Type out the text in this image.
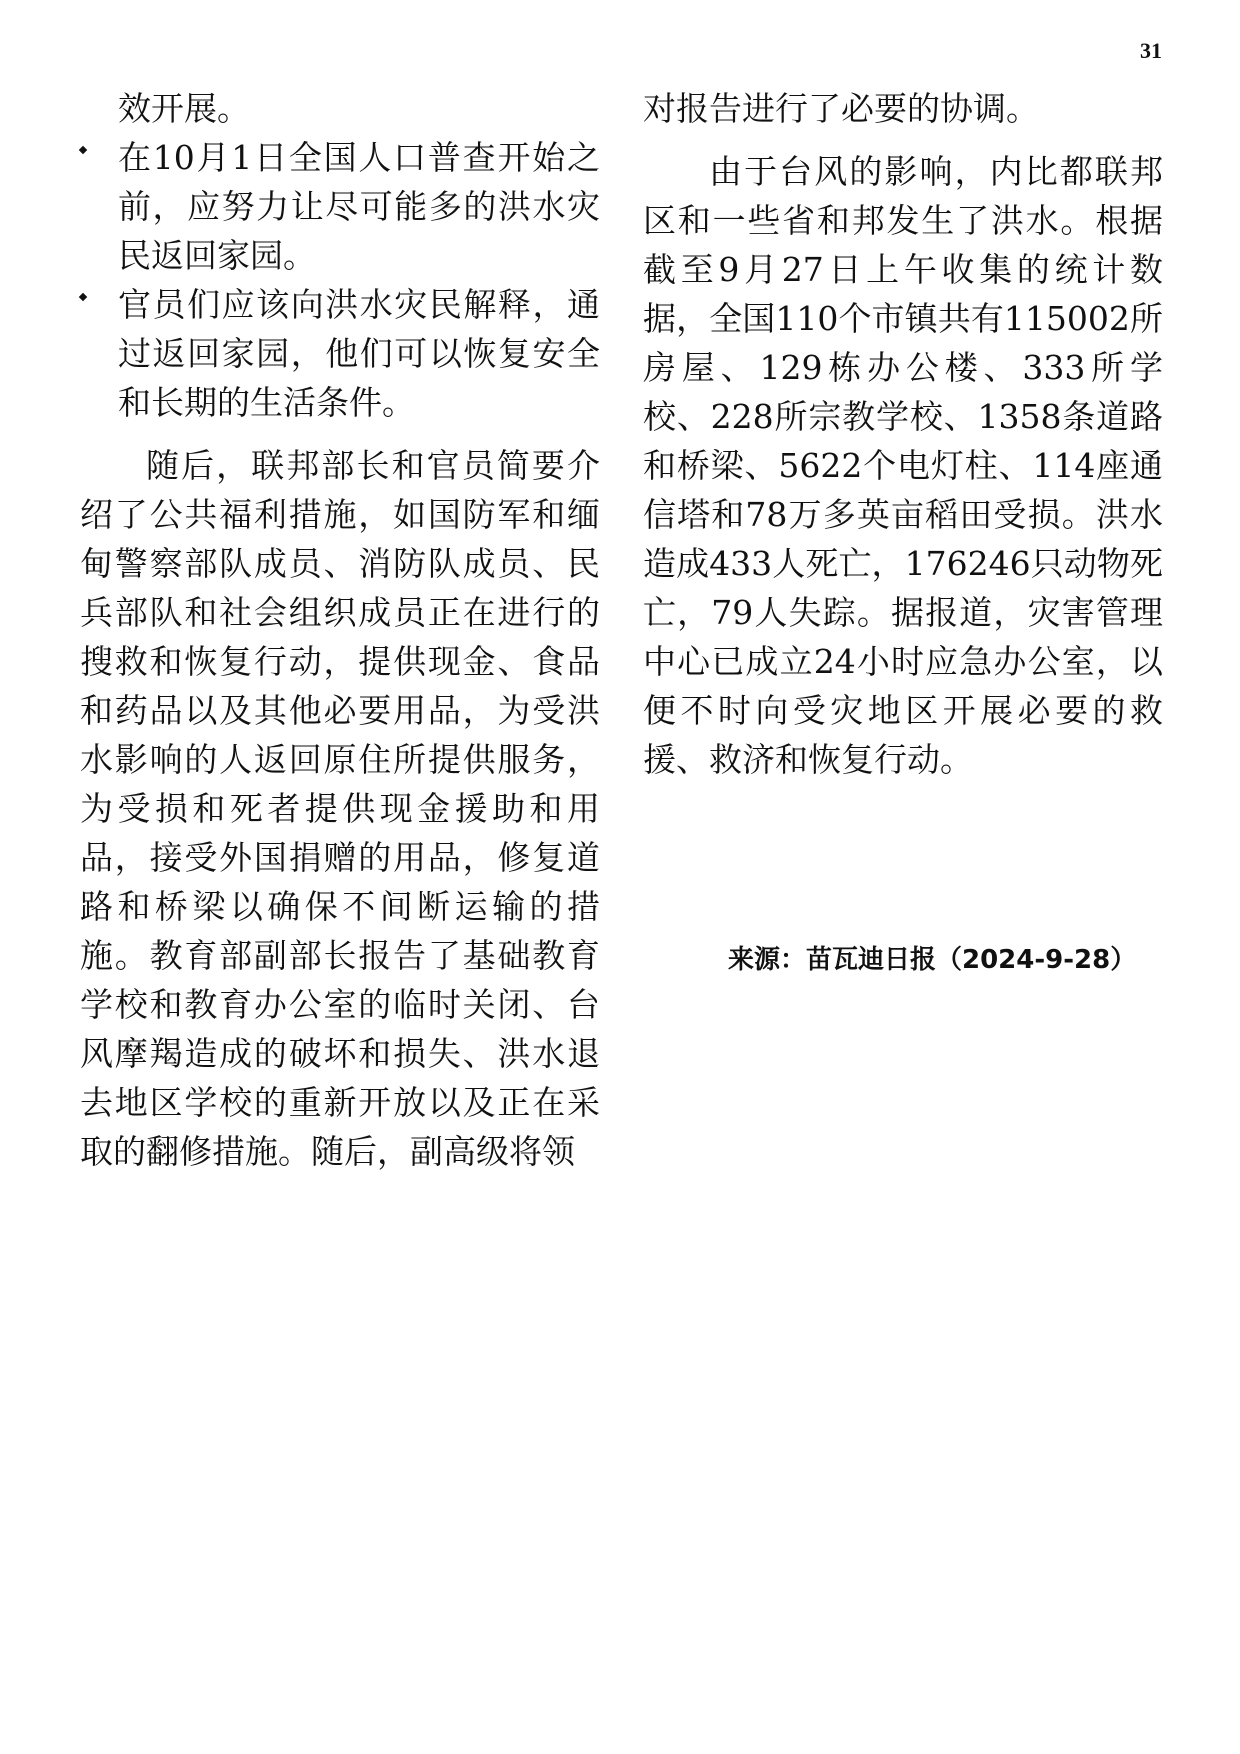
31

效开展。

在10月1日全国人口普查开始之前，应努力让尽可能多的洪水灾民返回家园。
官员们应该向洪水灾民解释，通过返回家园，他们可以恢复安全和长期的生活条件。

随后，联邦部长和官员简要介绍了公共福利措施，如国防军和缅甸警察部队成员、消防队成员、民兵部队和社会组织成员正在进行的搜救和恢复行动，提供现金、食品和药品以及其他必要用品，为受洪水影响的人返回原住所提供服务，为受损和死者提供现金援助和用品，接受外国捐赠的用品，修复道路和桥梁以确保不间断运输的措施。教育部副部长报告了基础教育学校和教育办公室的临时关闭、台风摩羯造成的破坏和损失、洪水退去地区学校的重新开放以及正在采取的翻修措施。随后，副高级将领

对报告进行了必要的协调。

由于台风的影响，内比都联邦区和一些省和邦发生了洪水。根据截至9月27日上午收集的统计数据，全国110个市镇共有115002所房屋、129栋办公楼、333所学校、228所宗教学校、1358条道路和桥梁、5622个电灯柱、114座通信塔和78万多英亩稻田受损。洪水造成433人死亡，176246只动物死亡，79人失踪。据报道，灾害管理中心已成立24小时应急办公室，以便不时向受灾地区开展必要的救援、救济和恢复行动。

来源：苗瓦迪日报（2024-9-28）
